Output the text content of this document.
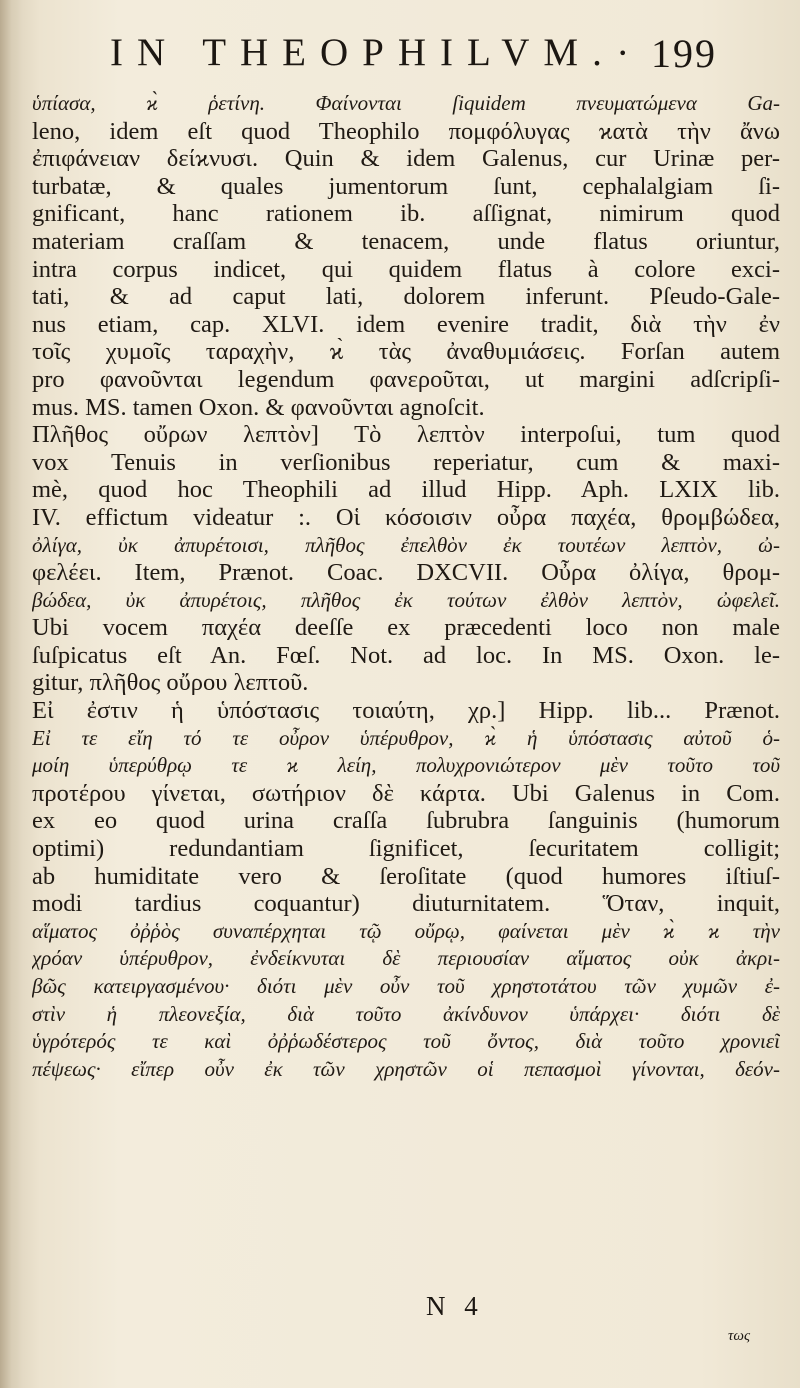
IN THEOPHILVM. • 199
ὑπίασα, ϰ̀ ῥετίνη. Φαίνονται ſiquidem πνευματώμενα Ga-
leno, idem eſt quod Theophilo πομφόλυγας ϰατὰ τὴν ἄνω
ἐπιφάνειαν δείϰνυσι. Quin & idem Galenus, cur Urinæ per-
turbatæ, & quales jumentorum ſunt, cephalalgiam ſi-
gnificant, hanc rationem ib. aſſignat, nimirum quod
materiam craſſam & tenacem, unde flatus oriuntur,
intra corpus indicet, qui quidem flatus à colore exci-
tati, & ad caput lati, dolorem inferunt. Pſeudo-Gale-
nus etiam, cap. XLVI. idem evenire tradit, διὰ τὴν ἐν
τοῖς χυμοῖς ταραχὴν, ϰ̀ τὰς ἀναθυμιάσεις. Forſan autem
pro φανοῦνται legendum φανεροῦται, ut margini adſcripſi-
mus. MS. tamen Oxon. & φανοῦνται agnoſcit.
Πλῆθος οὔρων λεπτὸν] Τὸ λεπτὸν interpoſui, tum quod
vox Tenuis in verſionibus reperiatur, cum & maxi-
mè, quod hoc Theophili ad illud Hipp. Aph. LXIX lib.
IV. effictum videatur :. Οἱ κόσοισιν οὖρα παχέα, θρομβώδεα,
ὀλίγα, ὐκ ἀπυρέτοισι, πλῆθος ἐπελθὸν ἐκ τουτέων λεπτὸν, ὠ-
φελέει. Item, Prænot. Coac. DXCVII. Οὖρα ὀλίγα, θρομ-
βώδεα, ὐκ ἀπυρέτοις, πλῆθος ἐκ τούτων ἐλθὸν λεπτὸν, ὠφελεῖ.
Ubi vocem παχέα deeſſe ex præcedenti loco non male
ſuſpicatus eſt An. Fœſ. Not. ad loc. In MS. Oxon. le-
gitur, πλῆθος οὔρου λεπτοῦ.
Εἰ ἐστιν ἡ ὑπόστασις τοιαύτη, χρ.] Hipp. lib... Prænot.
Εἰ τε εἴη τό τε οὖρον ὑπέρυθρον, ϰ̀ ἡ ὑπόστασις αὐτοῦ ὁ-
μοίη ὑπερύθρῳ τε ϰ λείη, πολυχρονιώτερον μὲν τοῦτο τοῦ
προτέρου γίνεται, σωτήριον δὲ κάρτα. Ubi Galenus in Com.
ex eo quod urina craſſa ſubrubra ſanguinis (humorum
optimi) redundantiam ſignificet, ſecuritatem colligit;
ab humiditate vero & ſeroſitate (quod humores iſtiuſ-
modi tardius coquantur) diuturnitatem. Ὅταν, inquit,
αἵματος ὀῤῥὸς συναπέρχηται τῷ οὔρῳ, φαίνεται μὲν ϰ̀ ϰ τὴν
χρόαν ὑπέρυθρον, ἐνδείκνυται δὲ περιουσίαν αἵματος οὐκ ἀκρι-
βῶς κατειργασμένου· διότι μὲν οὖν τοῦ χρηστοτάτου τῶν χυμῶν ἐ-
στὶν ἡ πλεονεξία, διὰ τοῦτο ἀκίνδυνον ὑπάρχει· διότι δὲ
ὑγρότερός τε καὶ ὀῤῥωδέστερος τοῦ ὄντος, διὰ τοῦτο χρονιεῖ
πέψεως· εἴπερ οὖν ἐκ τῶν χρηστῶν οἱ πεπασμοὶ γίνονται, δεόν-
N 4
τως
